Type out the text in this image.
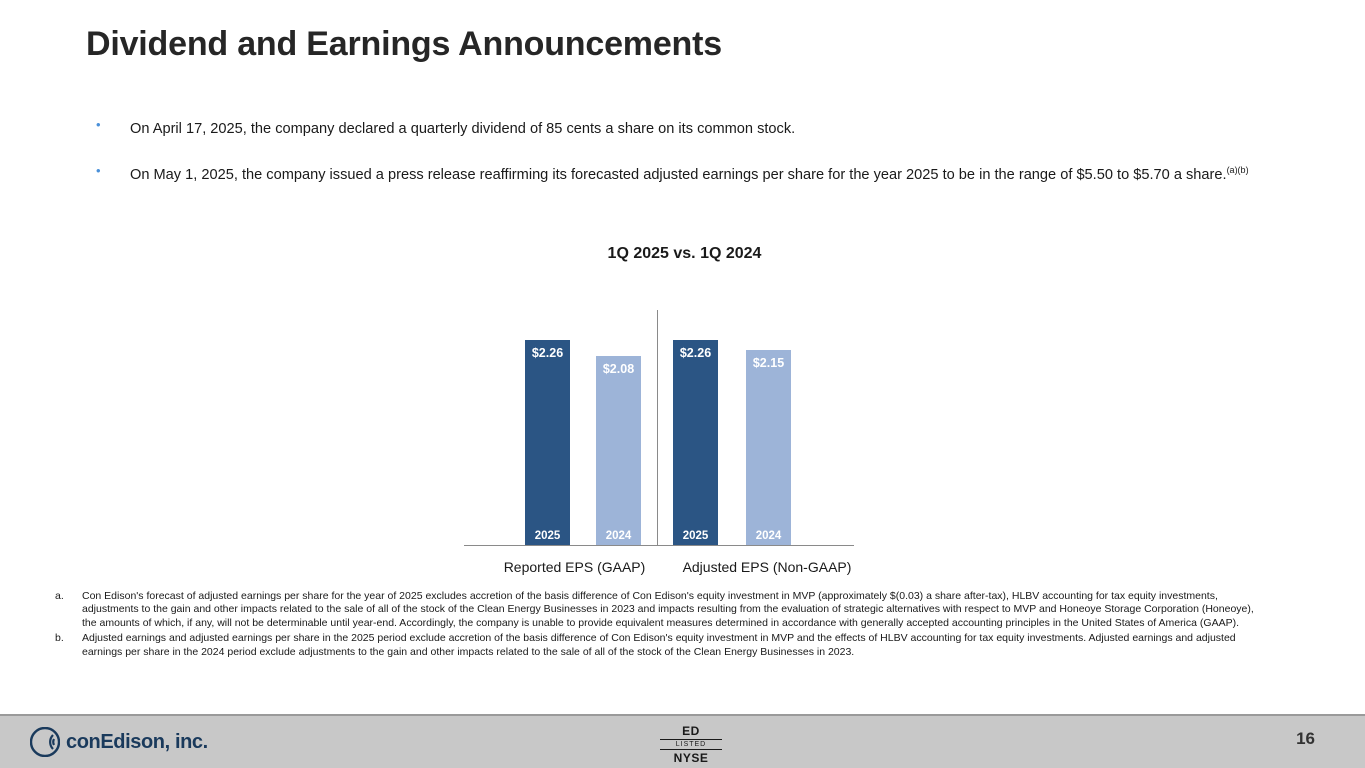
Dividend and Earnings Announcements
•	On April 17, 2025, the company declared a quarterly dividend of 85 cents a share on its common stock.
•	On May 1, 2025, the company issued a press release reaffirming its forecasted adjusted earnings per share for the year 2025 to be in the range of $5.50 to $5.70 a share.$^{(a)(b)}$
1Q 2025 vs. 1Q 2024
$2.26
2025
$2.08
2024
$2.26
2025
$2.15
2024
Reported EPS (GAAP)	Adjusted EPS (Non-GAAP)
a.	Con Edison's forecast of adjusted earnings per share for the year of 2025 excludes accretion of the basis difference of Con Edison's equity investment in MVP (approximately $(0.03) a share after-tax), HLBV accounting for tax equity investments, adjustments to the gain and other impacts related to the sale of all of the stock of the Clean Energy Businesses in 2023 and impacts resulting from the evaluation of strategic alternatives with respect to MVP and Honeoye Storage Corporation (Honeoye), the amounts of which, if any, will not be determinable until year-end. Accordingly, the company is unable to provide equivalent measures determined in accordance with generally accepted accounting principles in the United States of America (GAAP).
b.	Adjusted earnings and adjusted earnings per share in the 2025 period exclude accretion of the basis difference of Con Edison's equity investment in MVP and the effects of HLBV accounting for tax equity investments. Adjusted earnings and adjusted earnings per share in the 2024 period exclude adjustments to the gain and other impacts related to the sale of all of the stock of the Clean Energy Businesses in 2023.
conEdison, inc.	ED
LISTED
NYSE
16
